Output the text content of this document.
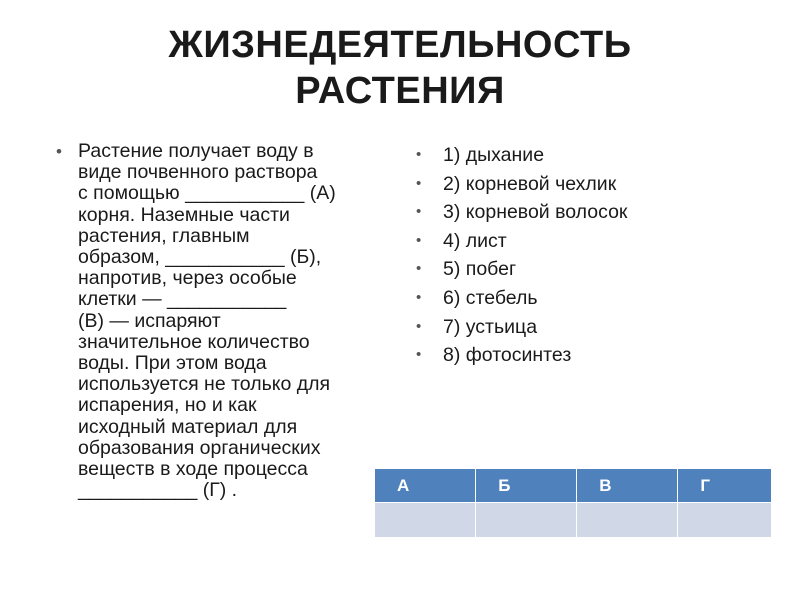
ЖИЗНЕДЕЯТЕЛЬНОСТЬ
РАСТЕНИЯ
• Растение получает воду в
виде почвенного раствора
с помощью ___________ (А)
корня. Наземные части
растения, главным
образом, ___________ (Б),
напротив, через особые
клетки — ___________
(В) — испаряют
значительное количество
воды. При этом вода
используется не только для
испарения, но и как
исходный материал для
образования органических
веществ в ходе процесса
___________ (Г) .
• 1) дыхание
• 2) корневой чехлик
• 3) корневой волосок
• 4) лист
• 5) побег
• 6) стебель
• 7) устьица
• 8) фотосинтез
А	Б	В	Г
